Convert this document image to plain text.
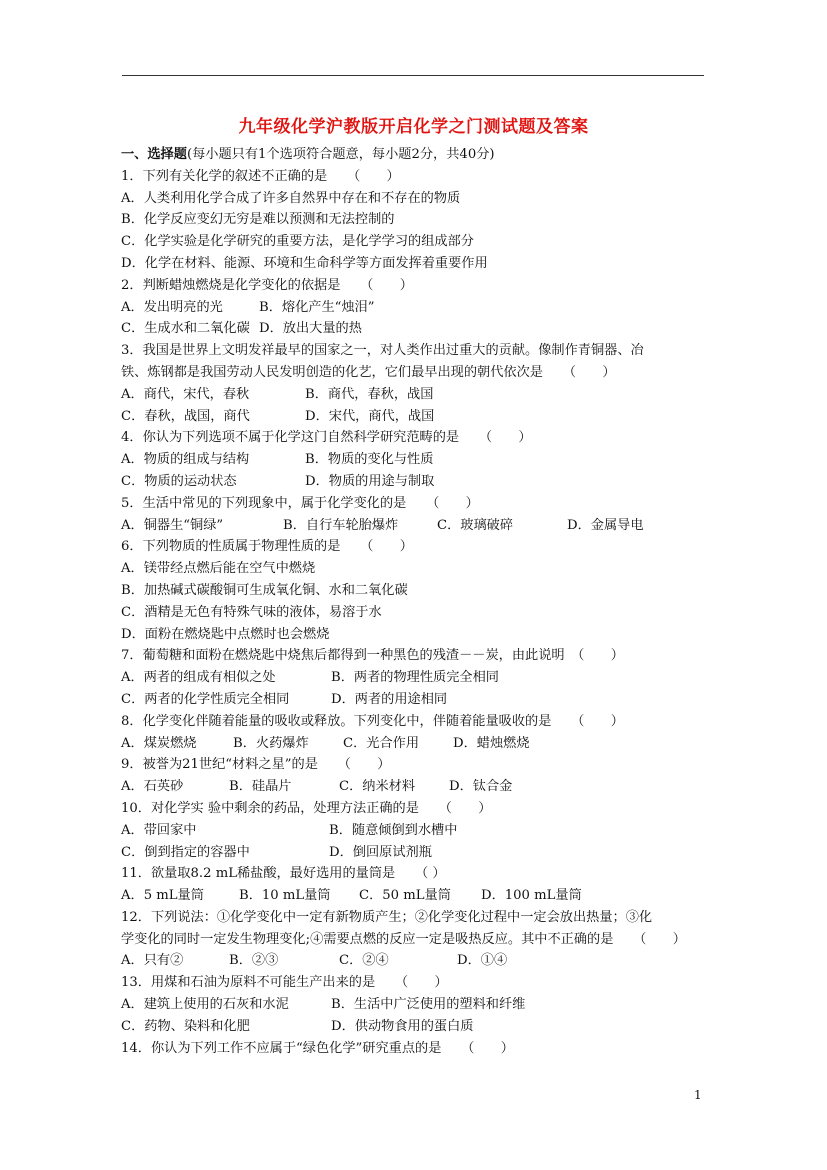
九年级化学沪教版开启化学之门测试题及答案
一、选择题(每小题只有1个选项符合题意，每小题2分，共40分)
1．下列有关化学的叙述不正确的是　　（　　）
A．人类利用化学合成了许多自然界中存在和不存在的物质
B．化学反应变幻无穷是难以预测和无法控制的
C．化学实验是化学研究的重要方法，是化学学习的组成部分
D．化学在材料、能源、环境和生命科学等方面发挥着重要作用
2．判断蜡烛燃烧是化学变化的依据是　　（　　）
A．发出明亮的光	B．熔化产生“烛泪”
C．生成水和二氧化碳 D．放出大量的热
3．我国是世界上文明发祥最早的国家之一，对人类作出过重大的贡献。像制作青铜器、冶
铁、炼钢都是我国劳动人民发明创造的化艺，它们最早出现的朝代依次是　　（　　）
A．商代，宋代，春秋	B．商代，春秋，战国
C．春秋，战国，商代	D．宋代，商代，战国
4．你认为下列选项不属于化学这门自然科学研究范畴的是　　（　　）
A．物质的组成与结构	B．物质的变化与性质
C．物质的运动状态	D．物质的用途与制取
5．生活中常见的下列现象中，属于化学变化的是　　（　　）
A．铜器生“铜绿”	B．自行车轮胎爆炸	C．玻璃破碎	D．金属导电
6．下列物质的性质属于物理性质的是　　（　　）
A．镁带经点燃后能在空气中燃烧
B．加热碱式碳酸铜可生成氧化铜、水和二氧化碳
C．酒精是无色有特殊气味的液体，易溶于水
D．面粉在燃烧匙中点燃时也会燃烧
7．葡萄糖和面粉在燃烧匙中烧焦后都得到一种黑色的残渣－－炭，由此说明　（　　）
A．两者的组成有相似之处	B．两者的物理性质完全相同
C．两者的化学性质完全相同	D．两者的用途相同
8．化学变化伴随着能量的吸收或释放。下列变化中，伴随着能量吸收的是　　（　　）
A．煤炭燃烧	B．火药爆炸	C．光合作用	D．蜡烛燃烧
9．被誉为21世纪“材料之星”的是　　（　　）
A．石英砂	B．硅晶片	C．纳米材料	D．钛合金
10．对化学实 验中剩余的药品，处理方法正确的是　　（　　）
A．带回家中	B．随意倾倒到水槽中
C．倒到指定的容器中	D．倒回原试剂瓶
11．欲量取8.2 mL稀盐酸，最好选用的量筒是　　（ ）
A．5 mL量筒	B．10 mL量筒	C．50 mL量筒	D．100 mL量筒
12．下列说法：①化学变化中一定有新物质产生；②化学变化过程中一定会放出热量；③化
学变化的同时一定发生物理变化;④需要点燃的反应一定是吸热反应。其中不正确的是　　（　　）
A．只有②	B．②③	C．②④	D．①④
13．用煤和石油为原料不可能生产出来的是　　（　　）
A．建筑上使用的石灰和水泥	B．生活中广泛使用的塑料和纤维
C．药物、染料和化肥	D．供动物食用的蛋白质
14．你认为下列工作不应属于“绿色化学”研究重点的是　　（　　）
1
